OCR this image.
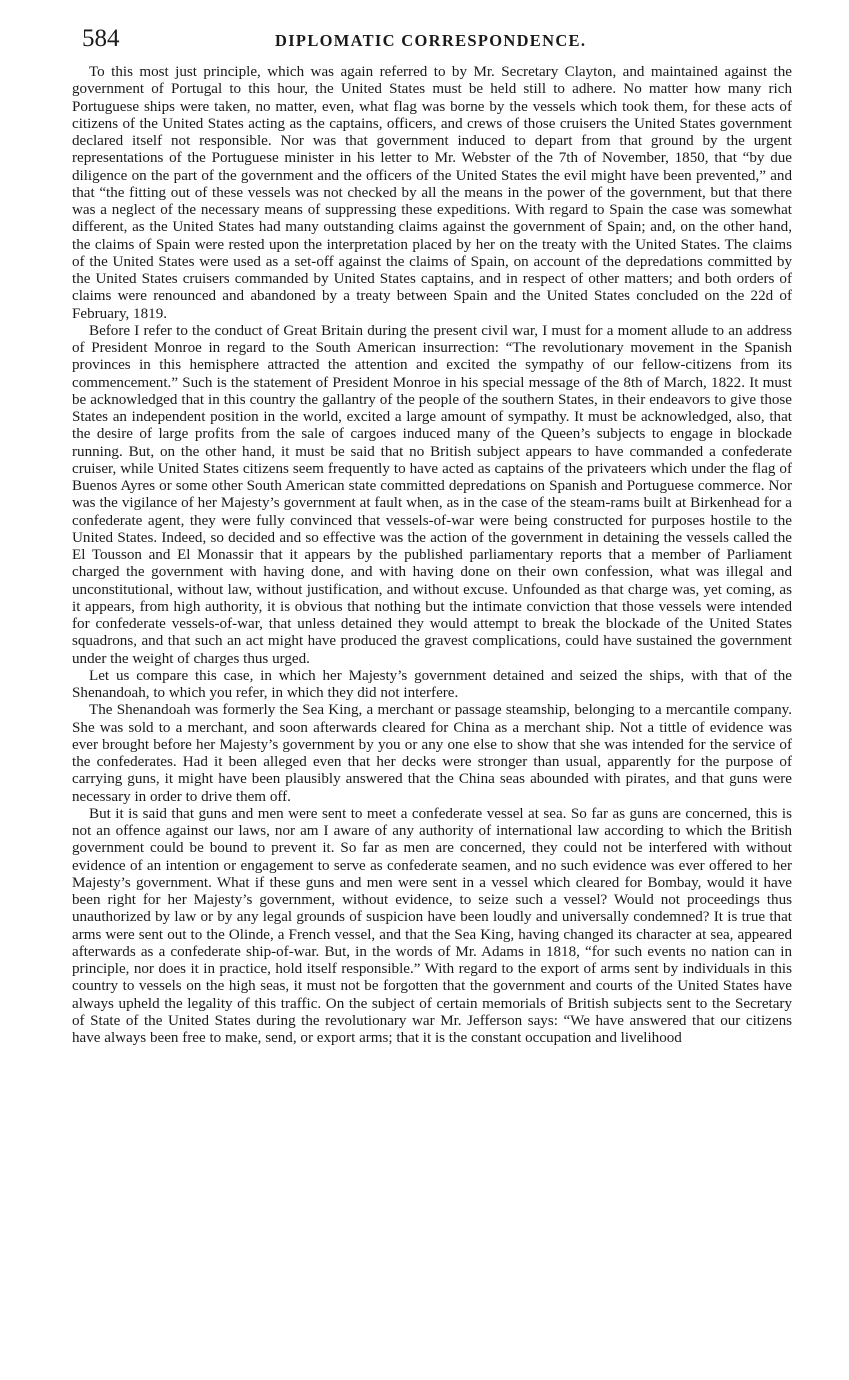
584	DIPLOMATIC CORRESPONDENCE.

To this most just principle, which was again referred to by Mr. Secretary Clayton, and maintained against the government of Portugal to this hour, the United States must be held still to adhere. No matter how many rich Portuguese ships were taken, no matter, even, what flag was borne by the vessels which took them, for these acts of citizens of the United States acting as the captains, officers, and crews of those cruisers the United States government declared itself not responsible. Nor was that government induced to depart from that ground by the urgent representations of the Portuguese minister in his letter to Mr. Webster of the 7th of November, 1850, that “by due diligence on the part of the government and the officers of the United States the evil might have been prevented,” and that “the fitting out of these vessels was not checked by all the means in the power of the government, but that there was a neglect of the necessary means of suppressing these expeditions. With regard to Spain the case was somewhat different, as the United States had many outstanding claims against the government of Spain; and, on the other hand, the claims of Spain were rested upon the interpretation placed by her on the treaty with the United States. The claims of the United States were used as a set-off against the claims of Spain, on account of the depredations committed by the United States cruisers commanded by United States captains, and in respect of other matters; and both orders of claims were renounced and abandoned by a treaty between Spain and the United States concluded on the 22d of February, 1819.

Before I refer to the conduct of Great Britain during the present civil war, I must for a moment allude to an address of President Monroe in regard to the South American insurrection: “The revolutionary movement in the Spanish provinces in this hemisphere attracted the attention and excited the sympathy of our fellow-citizens from its commencement.” Such is the statement of President Monroe in his special message of the 8th of March, 1822. It must be acknowledged that in this country the gallantry of the people of the southern States, in their endeavors to give those States an independent position in the world, excited a large amount of sympathy. It must be acknowledged, also, that the desire of large profits from the sale of cargoes induced many of the Queen’s subjects to engage in blockade running. But, on the other hand, it must be said that no British subject appears to have commanded a confederate cruiser, while United States citizens seem frequently to have acted as captains of the privateers which under the flag of Buenos Ayres or some other South American state committed depredations on Spanish and Portuguese commerce. Nor was the vigilance of her Majesty’s government at fault when, as in the case of the steam-rams built at Birkenhead for a confederate agent, they were fully convinced that vessels-of-war were being constructed for purposes hostile to the United States. Indeed, so decided and so effective was the action of the government in detaining the vessels called the El Tousson and El Monassir that it appears by the published parliamentary reports that a member of Parliament charged the government with having done, and with having done on their own confession, what was illegal and unconstitutional, without law, without justification, and without excuse. Unfounded as that charge was, yet coming, as it appears, from high authority, it is obvious that nothing but the intimate conviction that those vessels were intended for confederate vessels-of-war, that unless detained they would attempt to break the blockade of the United States squadrons, and that such an act might have produced the gravest complications, could have sustained the government under the weight of charges thus urged.

Let us compare this case, in which her Majesty’s government detained and seized the ships, with that of the Shenandoah, to which you refer, in which they did not interfere.

The Shenandoah was formerly the Sea King, a merchant or passage steamship, belonging to a mercantile company. She was sold to a merchant, and soon afterwards cleared for China as a merchant ship. Not a tittle of evidence was ever brought before her Majesty’s government by you or any one else to show that she was intended for the service of the confederates. Had it been alleged even that her decks were stronger than usual, apparently for the purpose of carrying guns, it might have been plausibly answered that the China seas abounded with pirates, and that guns were necessary in order to drive them off.

But it is said that guns and men were sent to meet a confederate vessel at sea. So far as guns are concerned, this is not an offence against our laws, nor am I aware of any authority of international law according to which the British government could be bound to prevent it. So far as men are concerned, they could not be interfered with without evidence of an intention or engagement to serve as confederate seamen, and no such evidence was ever offered to her Majesty’s government. What if these guns and men were sent in a vessel which cleared for Bombay, would it have been right for her Majesty’s government, without evidence, to seize such a vessel? Would not proceedings thus unauthorized by law or by any legal grounds of suspicion have been loudly and universally condemned? It is true that arms were sent out to the Olinde, a French vessel, and that the Sea King, having changed its character at sea, appeared afterwards as a confederate ship-of-war. But, in the words of Mr. Adams in 1818, “for such events no nation can in principle, nor does it in practice, hold itself responsible.” With regard to the export of arms sent by individuals in this country to vessels on the high seas, it must not be forgotten that the government and courts of the United States have always upheld the legality of this traffic. On the subject of certain memorials of British subjects sent to the Secretary of State of the United States during the revolutionary war Mr. Jefferson says: “We have answered that our citizens have always been free to make, send, or export arms; that it is the constant occupation and livelihood
